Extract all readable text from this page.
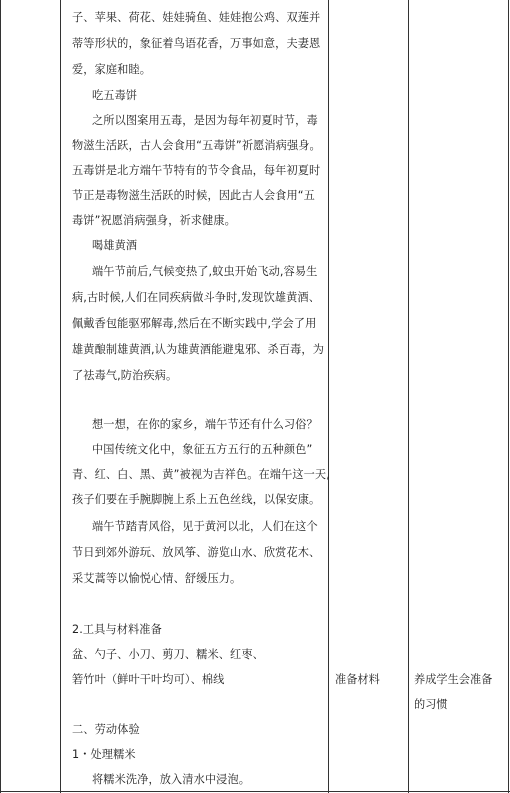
子、苹果、荷花、娃娃骑鱼、娃娃抱公鸡、双莲并
蒂等形状的，象征着鸟语花香，万事如意，夫妻恩
爱，家庭和睦。
吃五毒饼
之所以图案用五毒，是因为每年初夏时节，毒
物滋生活跃，古人会食用“五毒饼”祈愿消病强身。
五毒饼是北方端午节特有的节令食品，每年初夏时
节正是毒物滋生活跃的时候，因此古人会食用“五
毒饼”祝愿消病强身，祈求健康。
喝雄黄酒
端午节前后,气候变热了,蚊虫开始飞动,容易生
病,古时候,人们在同疾病做斗争时,发现饮雄黄酒、
佩戴香包能驱邪解毒,然后在不断实践中,学会了用
雄黄酿制雄黄酒,认为雄黄酒能避鬼邪、杀百毒，为
了祛毒气,防治疾病。
想一想，在你的家乡，端午节还有什么习俗？
中国传统文化中，象征五方五行的五种颜色”
青、红、白、黑、黄”被视为吉祥色。在端午这一天,
孩子们要在手腕脚腕上系上五色丝线，以保安康。
端午节踏青风俗，见于黄河以北，人们在这个
节日到郊外游玩、放风筝、游览山水、欣赏花木、
采艾蒿等以愉悦心情、舒缓压力。
2.工具与材料准备
盆、勺子、小刀、剪刀、糯米、红枣、
箬竹叶（鲜叶干叶均可）、棉线
二、劳动体验
1・处理糯米
将糯米洗净，放入清水中浸泡。
准备材料	养成学生会准备
的习惯
